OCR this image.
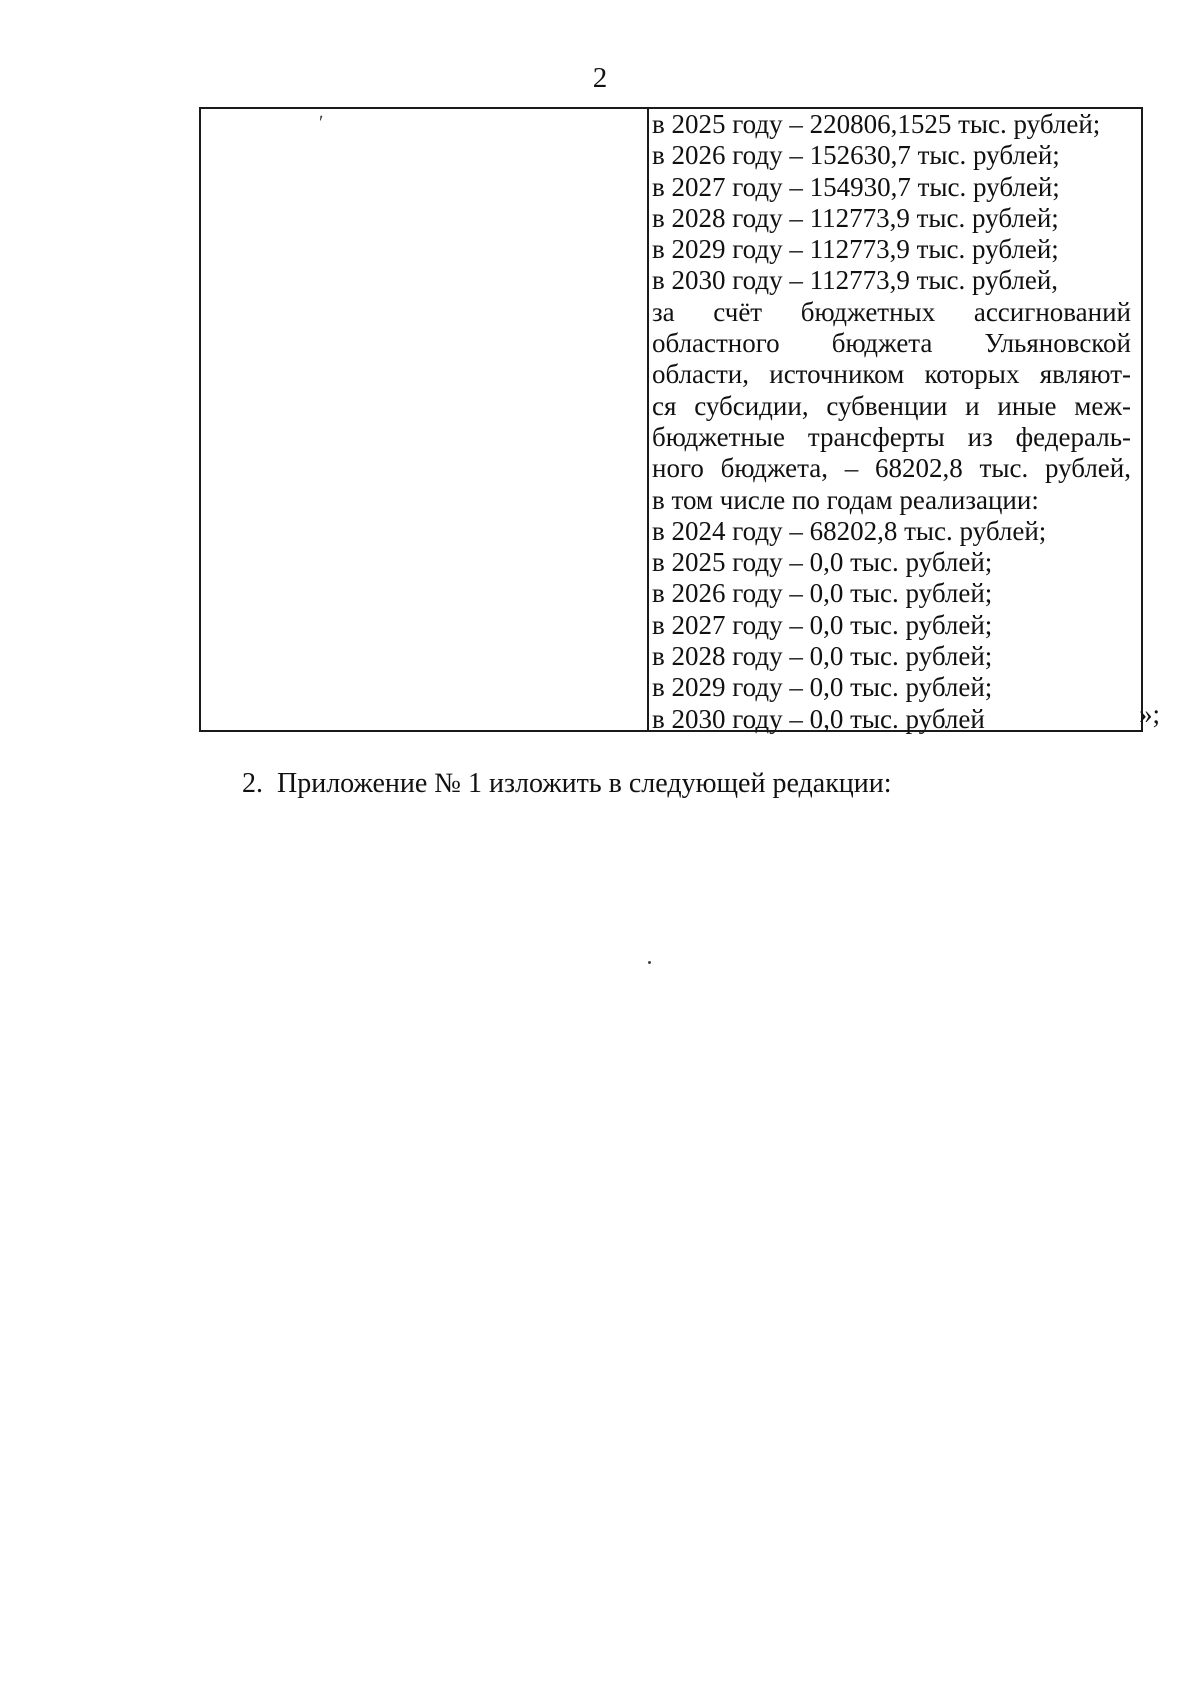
2
ʹ	в 2025 году – 220806,1525 тыс. рублей;
в 2026 году – 152630,7 тыс. рублей;
в 2027 году – 154930,7 тыс. рублей;
в 2028 году – 112773,9 тыс. рублей;
в 2029 году – 112773,9 тыс. рублей;
в 2030 году – 112773,9 тыс. рублей,
за счёт бюджетных ассигнований
областного бюджета Ульяновской
области, источником которых являют-
ся субсидии, субвенции и иные меж-
бюджетные трансферты из федераль-
ного бюджета, – 68202,8 тыс. рублей,
в том числе по годам реализации:
в 2024 году – 68202,8 тыс. рублей;
в 2025 году – 0,0 тыс. рублей;
в 2026 году – 0,0 тыс. рублей;
в 2027 году – 0,0 тыс. рублей;
в 2028 году – 0,0 тыс. рублей;
в 2029 году – 0,0 тыс. рублей;
в 2030 году – 0,0 тыс. рублей	»;
2. Приложение № 1 изложить в следующей редакции:
